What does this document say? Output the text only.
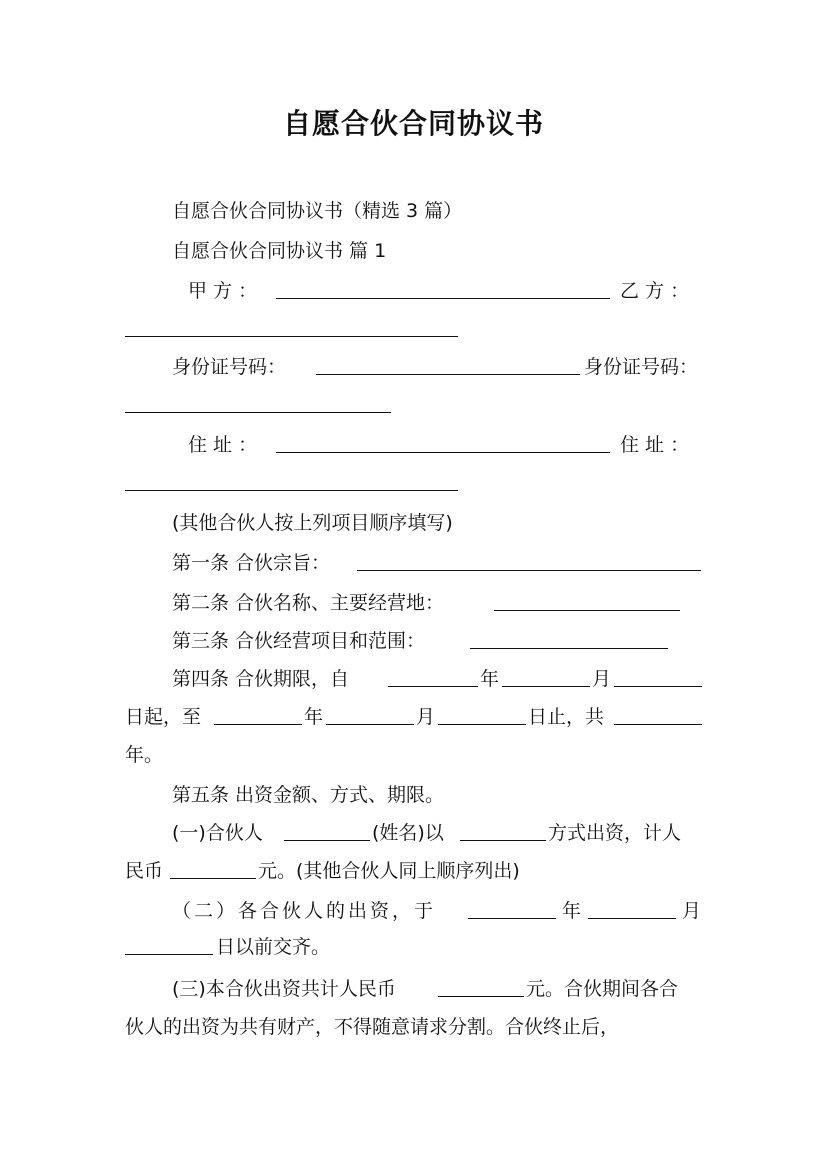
自愿合伙合同协议书
自愿合伙合同协议书（精选 3 篇）
自愿合伙合同协议书 篇 1
甲 方 ：	乙 方 ：
身份证号码：	身份证号码：
住 址 ：	住 址 ：
(其他合伙人按上列项目顺序填写)
第一条 合伙宗旨：
第二条 合伙名称、主要经营地：
第三条 合伙经营项目和范围：
第四条 合伙期限，自	年	月
日起，至	年	月	日止，共
年。
第五条 出资金额、方式、期限。
(一)合伙人	(姓名)以	方式出资，计人
民币	元。(其他合伙人同上顺序列出)
（二）各合伙人的出资，于	年	月
日以前交齐。
(三)本合伙出资共计人民币	元。合伙期间各合
伙人的出资为共有财产，不得随意请求分割。合伙终止后，
